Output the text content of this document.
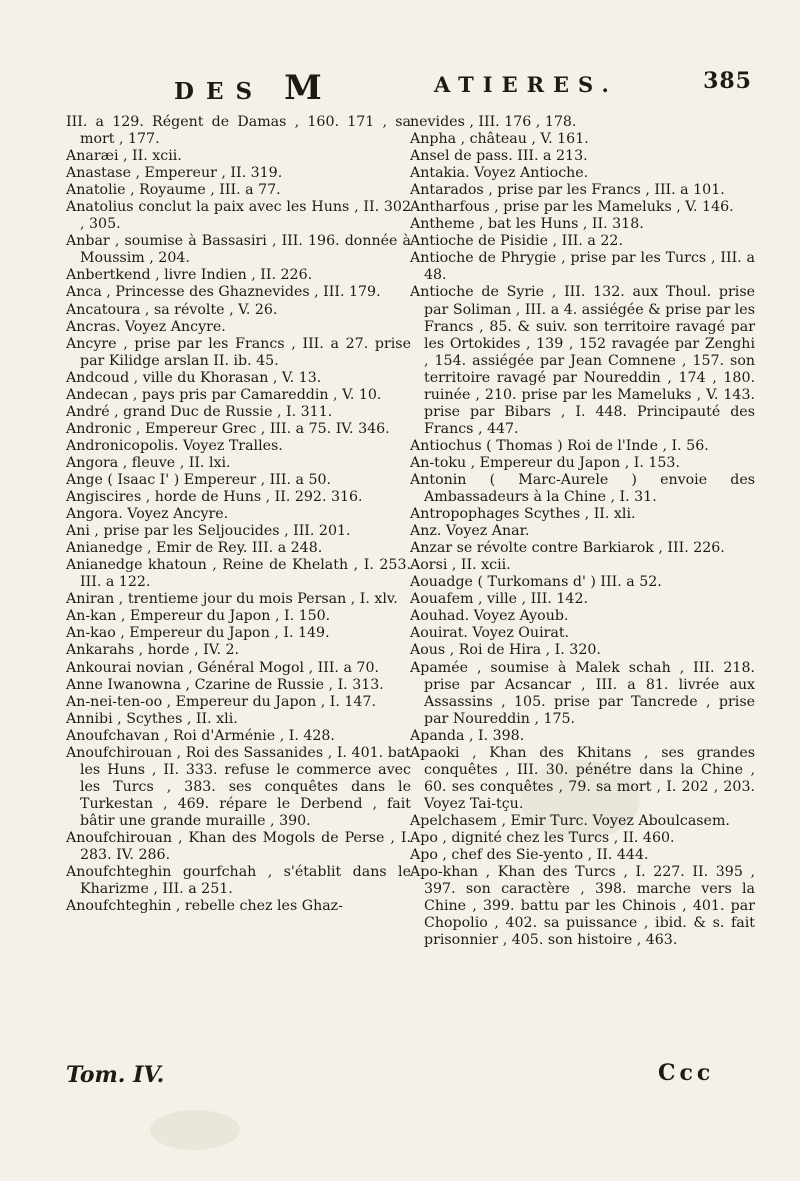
DES M	ATIERES.	385

III. a 129. Régent de Damas , 160. 171 , sa mort , 177.

Anaræi , II. xcii.

Anastase , Empereur , II. 319.

Anatolie , Royaume , III. a 77.

Anatolius conclut la paix avec les Huns , II. 302 , 305.

Anbar , soumise à Bassasiri , III. 196. donnée à Moussim , 204.

Anbertkend , livre Indien , II. 226.

Anca , Princesse des Ghaznevides , III. 179.

Ancatoura , sa révolte , V. 26.

Ancras. Voyez Ancyre.

Ancyre , prise par les Francs , III. a 27. prise par Kilidge arslan II. ib. 45.

Andcoud , ville du Khorasan , V. 13.

Andecan , pays pris par Camareddin , V. 10.

André , grand Duc de Russie , I. 311.

Andronic , Empereur Grec , III. a 75. IV. 346.

Andronicopolis. Voyez Tralles.

Angora , fleuve , II. lxi.

Ange ( Isaac I' ) Empereur , III. a 50.

Angiscires , horde de Huns , II. 292. 316.

Angora. Voyez Ancyre.

Ani , prise par les Seljoucides , III. 201.

Anianedge , Emir de Rey. III. a 248.

Anianedge khatoun , Reine de Khelath , I. 253. III. a 122.

Aniran , trentieme jour du mois Persan , I. xlv.

An-kan , Empereur du Japon , I. 150.

An-kao , Empereur du Japon , I. 149.

Ankarahs , horde , IV. 2.

Ankourai novian , Général Mogol , III. a 70.

Anne Iwanowna , Czarine de Russie , I. 313.

An-nei-ten-oo , Empereur du Japon , I. 147.

Annibi , Scythes , II. xli.

Anoufchavan , Roi d'Arménie , I. 428.

Anoufchirouan , Roi des Sassanides , I. 401. bat les Huns , II. 333. refuse le commerce avec les Turcs , 383. ses conquêtes dans le Turkestan , 469. répare le Derbend , fait bâtir une grande muraille , 390.

Anoufchirouan , Khan des Mogols de Perse , I. 283. IV. 286.

Anoufchteghin gourfchah , s'établit dans le Kharizme , III. a 251.

Anoufchteghin , rebelle chez les Ghaz-

nevides , III. 176 , 178.

Anpha , château , V. 161.

Ansel de pass. III. a 213.

Antakia. Voyez Antioche.

Antarados , prise par les Francs , III. a 101.

Antharfous , prise par les Mameluks , V. 146.

Antheme , bat les Huns , II. 318.

Antioche de Pisidie , III. a 22.

Antioche de Phrygie , prise par les Turcs , III. a 48.

Antioche de Syrie , III. 132. aux Thoul. prise par Soliman , III. a 4. assiégée & prise par les Francs , 85. & suiv. son territoire ravagé par les Ortokides , 139 , 152 ravagée par Zenghi , 154. assiégée par Jean Comnene , 157. son territoire ravagé par Noureddin , 174 , 180. ruinée , 210. prise par les Mameluks , V. 143. prise par Bibars , I. 448. Principauté des Francs , 447.

Antiochus ( Thomas ) Roi de l'Inde , I. 56.

An-toku , Empereur du Japon , I. 153.

Antonin ( Marc-Aurele ) envoie des Ambassadeurs à la Chine , I. 31.

Antropophages Scythes , II. xli.

Anz. Voyez Anar.

Anzar se révolte contre Barkiarok , III. 226.

Aorsi , II. xcii.

Aouadge ( Turkomans d' ) III. a 52.

Aouafem , ville , III. 142.

Aouhad. Voyez Ayoub.

Aouirat. Voyez Ouirat.

Aous , Roi de Hira , I. 320.

Apamée , soumise à Malek schah , III. 218. prise par Acsancar , III. a 81. livrée aux Assassins , 105. prise par Tancrede , prise par Noureddin , 175.

Apanda , I. 398.

Apaoki , Khan des Khitans , ses grandes conquêtes , III. 30. pénétre dans la Chine , 60. ses conquêtes , 79. sa mort , I. 202 , 203. Voyez Tai-tçu.

Apelchasem , Emir Turc. Voyez Aboulcasem.

Apo , dignité chez les Turcs , II. 460.

Apo , chef des Sie-yento , II. 444.

Apo-khan , Khan des Turcs , I. 227. II. 395 , 397. son caractère , 398. marche vers la Chine , 399. battu par les Chinois , 401. par Chopolio , 402. sa puissance , ibid. & s. fait prisonnier , 405. son histoire , 463.

Tom. IV.	Ccc
